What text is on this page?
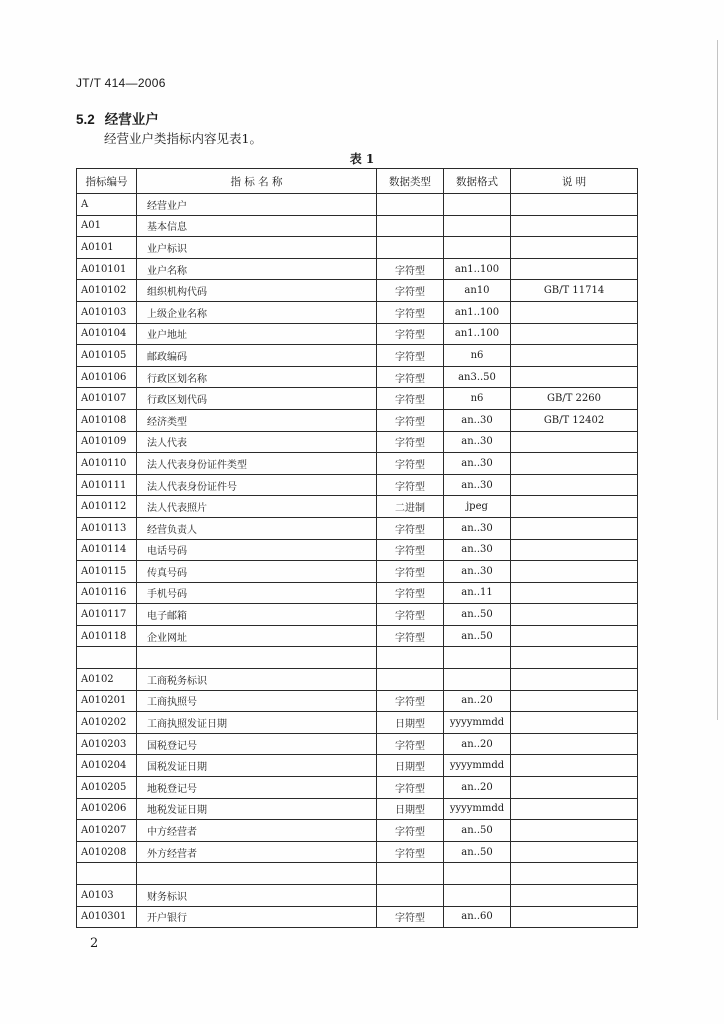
JT/T 414—2006
5.2 经营业户
经营业户类指标内容见表1。
表 1
指标编号	指 标 名 称	数据类型	数据格式	说 明
A	经营业户			
A01	基本信息			
A0101	业户标识			
A010101	业户名称	字符型	an1..100	
A010102	组织机构代码	字符型	an10	GB/T 11714
A010103	上级企业名称	字符型	an1..100	
A010104	业户地址	字符型	an1..100	
A010105	邮政编码	字符型	n6	
A010106	行政区划名称	字符型	an3..50	
A010107	行政区划代码	字符型	n6	GB/T 2260
A010108	经济类型	字符型	an..30	GB/T 12402
A010109	法人代表	字符型	an..30	
A010110	法人代表身份证件类型	字符型	an..30	
A010111	法人代表身份证件号	字符型	an..30	
A010112	法人代表照片	二进制	jpeg	
A010113	经营负责人	字符型	an..30	
A010114	电话号码	字符型	an..30	
A010115	传真号码	字符型	an..30	
A010116	手机号码	字符型	an..11	
A010117	电子邮箱	字符型	an..50	
A010118	企业网址	字符型	an..50	

A0102	工商税务标识			
A010201	工商执照号	字符型	an..20	
A010202	工商执照发证日期	日期型	yyyymmdd	
A010203	国税登记号	字符型	an..20	
A010204	国税发证日期	日期型	yyyymmdd	
A010205	地税登记号	字符型	an..20	
A010206	地税发证日期	日期型	yyyymmdd	
A010207	中方经营者	字符型	an..50	
A010208	外方经营者	字符型	an..50	

A0103	财务标识			
A010301	开户银行	字符型	an..60	
2
